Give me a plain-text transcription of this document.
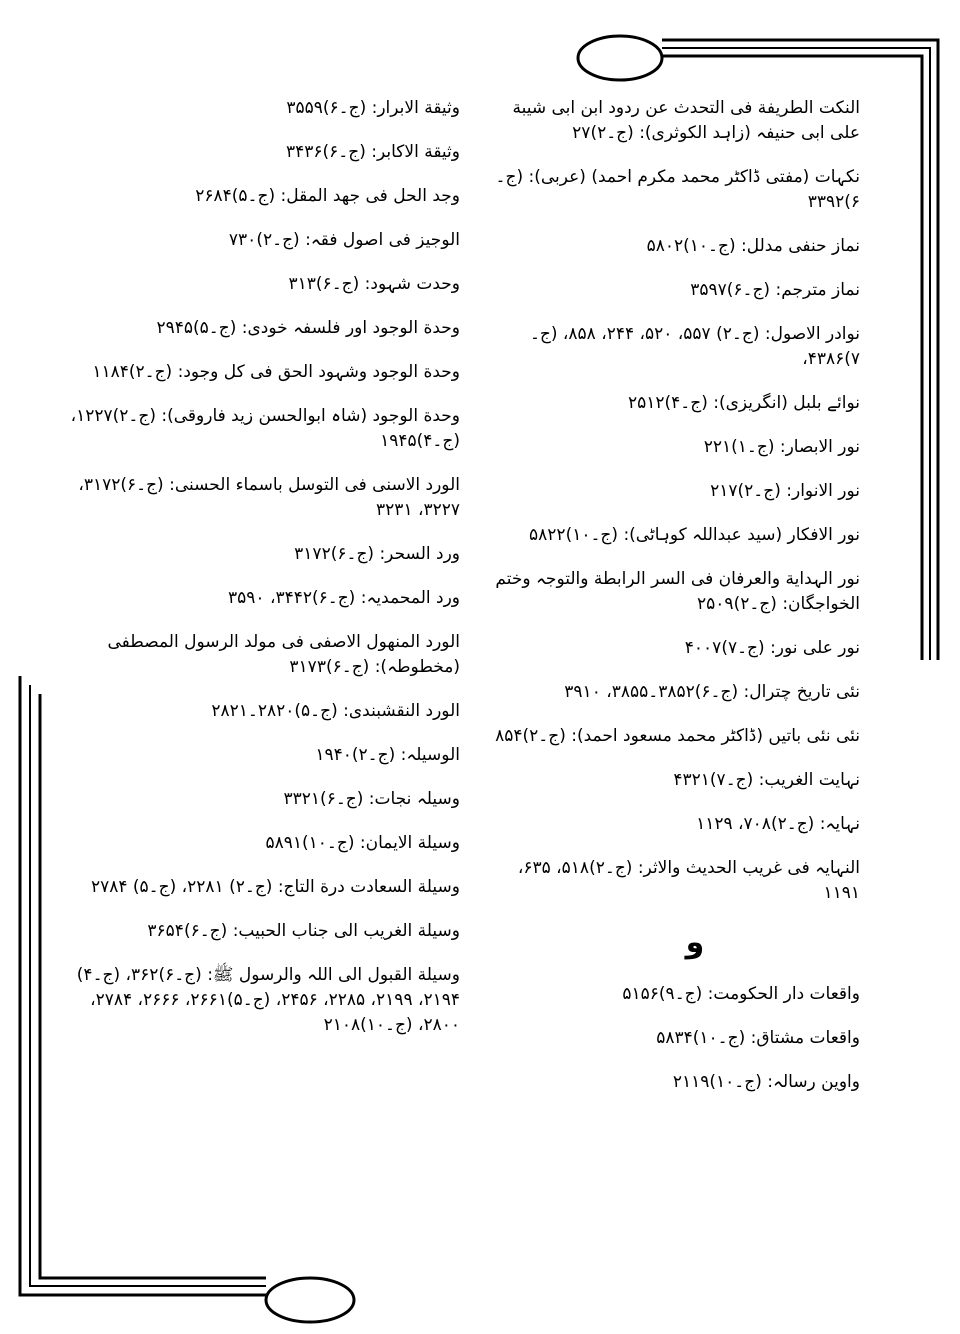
النکت الطریفة فی التحدث عن ردود ابن ابی شیبة علی ابی حنیفہ (زاہد الکوثری): (ج۔۲)۲۷
نکہات (مفتی ڈاکٹر محمد مکرم احمد) (عربی): (ج۔۶)۳۳۹۲
نماز حنفی مدلل: (ج۔۱۰)۵۸۰۲
نماز مترجم: (ج۔۶)۳۵۹۷
نوادر الاصول: (ج۔۲) ۵۵۷، ۵۲۰، ۲۴۴، ۸۵۸، (ج۔۷)۴۳۸۶،
نوائے بلبل (انگریزی): (ج۔۴)۲۵۱۲
نور الابصار: (ج۔۱)۲۲۱
نور الانوار: (ج۔۲)۲۱۷
نور الافکار (سید عبداللہ کوہاٹی): (ج۔۱۰)۵۸۲۲
نور الہدایة والعرفان فی السر الرابطة والتوجہ وختم الخواجگان: (ج۔۲)۲۵۰۹
نور علی نور: (ج۔۷)۴۰۰۷
نئی تاریخ چترال: (ج۔۶)۳۸۵۲۔۳۸۵۵، ۳۹۱۰
نئی نئی باتیں (ڈاکٹر محمد مسعود احمد): (ج۔۲)۸۵۴
نہایت الغریب: (ج۔۷)۴۳۲۱
نہایہ: (ج۔۲)۷۰۸، ۱۱۲۹
النہایہ فی غریب الحدیث والاثر: (ج۔۲)۵۱۸، ۶۳۵، ۱۱۹۱
و
واقعات دار الحکومت: (ج۔۹)۵۱۵۶
واقعات مشتاق: (ج۔۱۰)۵۸۳۴
واوین رسالہ: (ج۔۱۰)۲۱۱۹
وثیقة الابرار: (ج۔۶)۳۵۵۹
وثیقة الاکابر: (ج۔۶)۳۴۳۶
وجد الحل فی جھد المقل: (ج۔۵)۲۶۸۴
الوجیز فی اصول فقہ: (ج۔۲)۷۳۰
وحدت شہود: (ج۔۶)۳۱۳
وحدة الوجود اور فلسفہ خودی: (ج۔۵)۲۹۴۵
وحدة الوجود وشہود الحق فی کل وجود: (ج۔۲)۱۱۸۴
وحدة الوجود (شاہ ابوالحسن زید فاروقی): (ج۔۲)۱۲۲۷، (ج۔۴)۱۹۴۵
الورد الاسنی فی التوسل باسماء الحسنی: (ج۔۶)۳۱۷۲، ۳۲۲۷، ۳۲۳۱
ورد السحر: (ج۔۶)۳۱۷۲
ورد المحمدیہ: (ج۔۶)۳۴۴۲، ۳۵۹۰
الورد المنھول الاصفی فی مولد الرسول المصطفی (مخطوطہ): (ج۔۶)۳۱۷۳
الورد النقشبندی: (ج۔۵)۲۸۲۰۔۲۸۲۱
الوسیلہ: (ج۔۲)۱۹۴۰
وسیلہ نجات: (ج۔۶)۳۳۲۱
وسیلة الایمان: (ج۔۱۰)۵۸۹۱
وسیلة السعادت درة التاج: (ج۔۲) ۲۲۸۱، (ج۔۵) ۲۷۸۴
وسیلة الغریب الی جناب الحبیب: (ج۔۶)۳۶۵۴
وسیلة القبول الی اللہ والرسول ﷺ: (ج۔۶)۳۶۲، (ج۔۴) ۲۱۹۴، ۲۱۹۹، ۲۲۸۵، ۲۴۵۶، (ج۔۵)۲۶۶۱، ۲۶۶۶، ۲۷۸۴، ۲۸۰۰، (ج۔۱۰)۲۱۰۸
